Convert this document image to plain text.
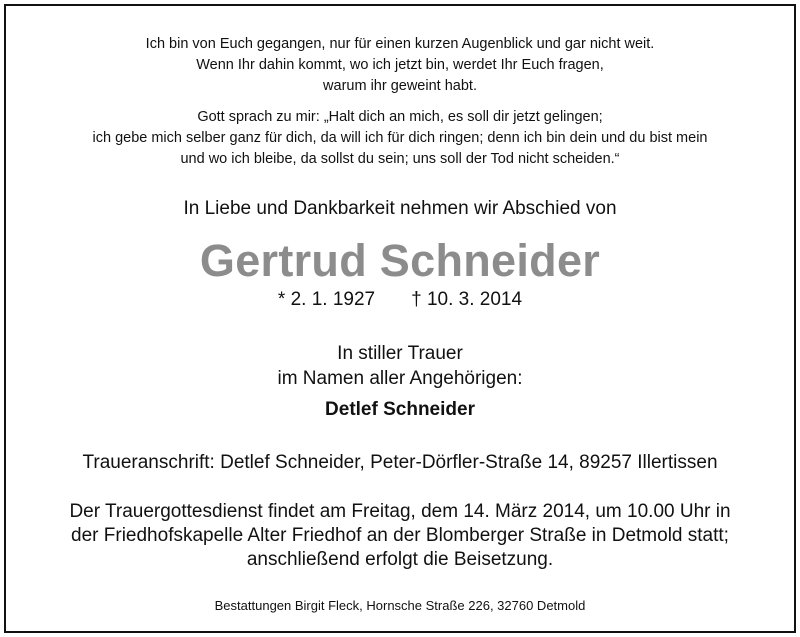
Ich bin von Euch gegangen, nur für einen kurzen Augenblick und gar nicht weit.
Wenn Ihr dahin kommt, wo ich jetzt bin, werdet Ihr Euch fragen,
warum ihr geweint habt.
Gott sprach zu mir: „Halt dich an mich, es soll dir jetzt gelingen;
ich gebe mich selber ganz für dich, da will ich für dich ringen; denn ich bin dein und du bist mein
und wo ich bleibe, da sollst du sein; uns soll der Tod nicht scheiden.“
In Liebe und Dankbarkeit nehmen wir Abschied von
Gertrud Schneider
* 2. 1. 1927 † 10. 3. 2014
In stiller Trauer
im Namen aller Angehörigen:
Detlef Schneider
Traueranschrift: Detlef Schneider, Peter-Dörfler-Straße 14, 89257 Illertissen
Der Trauergottesdienst findet am Freitag, dem 14. März 2014, um 10.00 Uhr in
der Friedhofskapelle Alter Friedhof an der Blomberger Straße in Detmold statt;
anschließend erfolgt die Beisetzung.
Bestattungen Birgit Fleck, Hornsche Straße 226, 32760 Detmold
